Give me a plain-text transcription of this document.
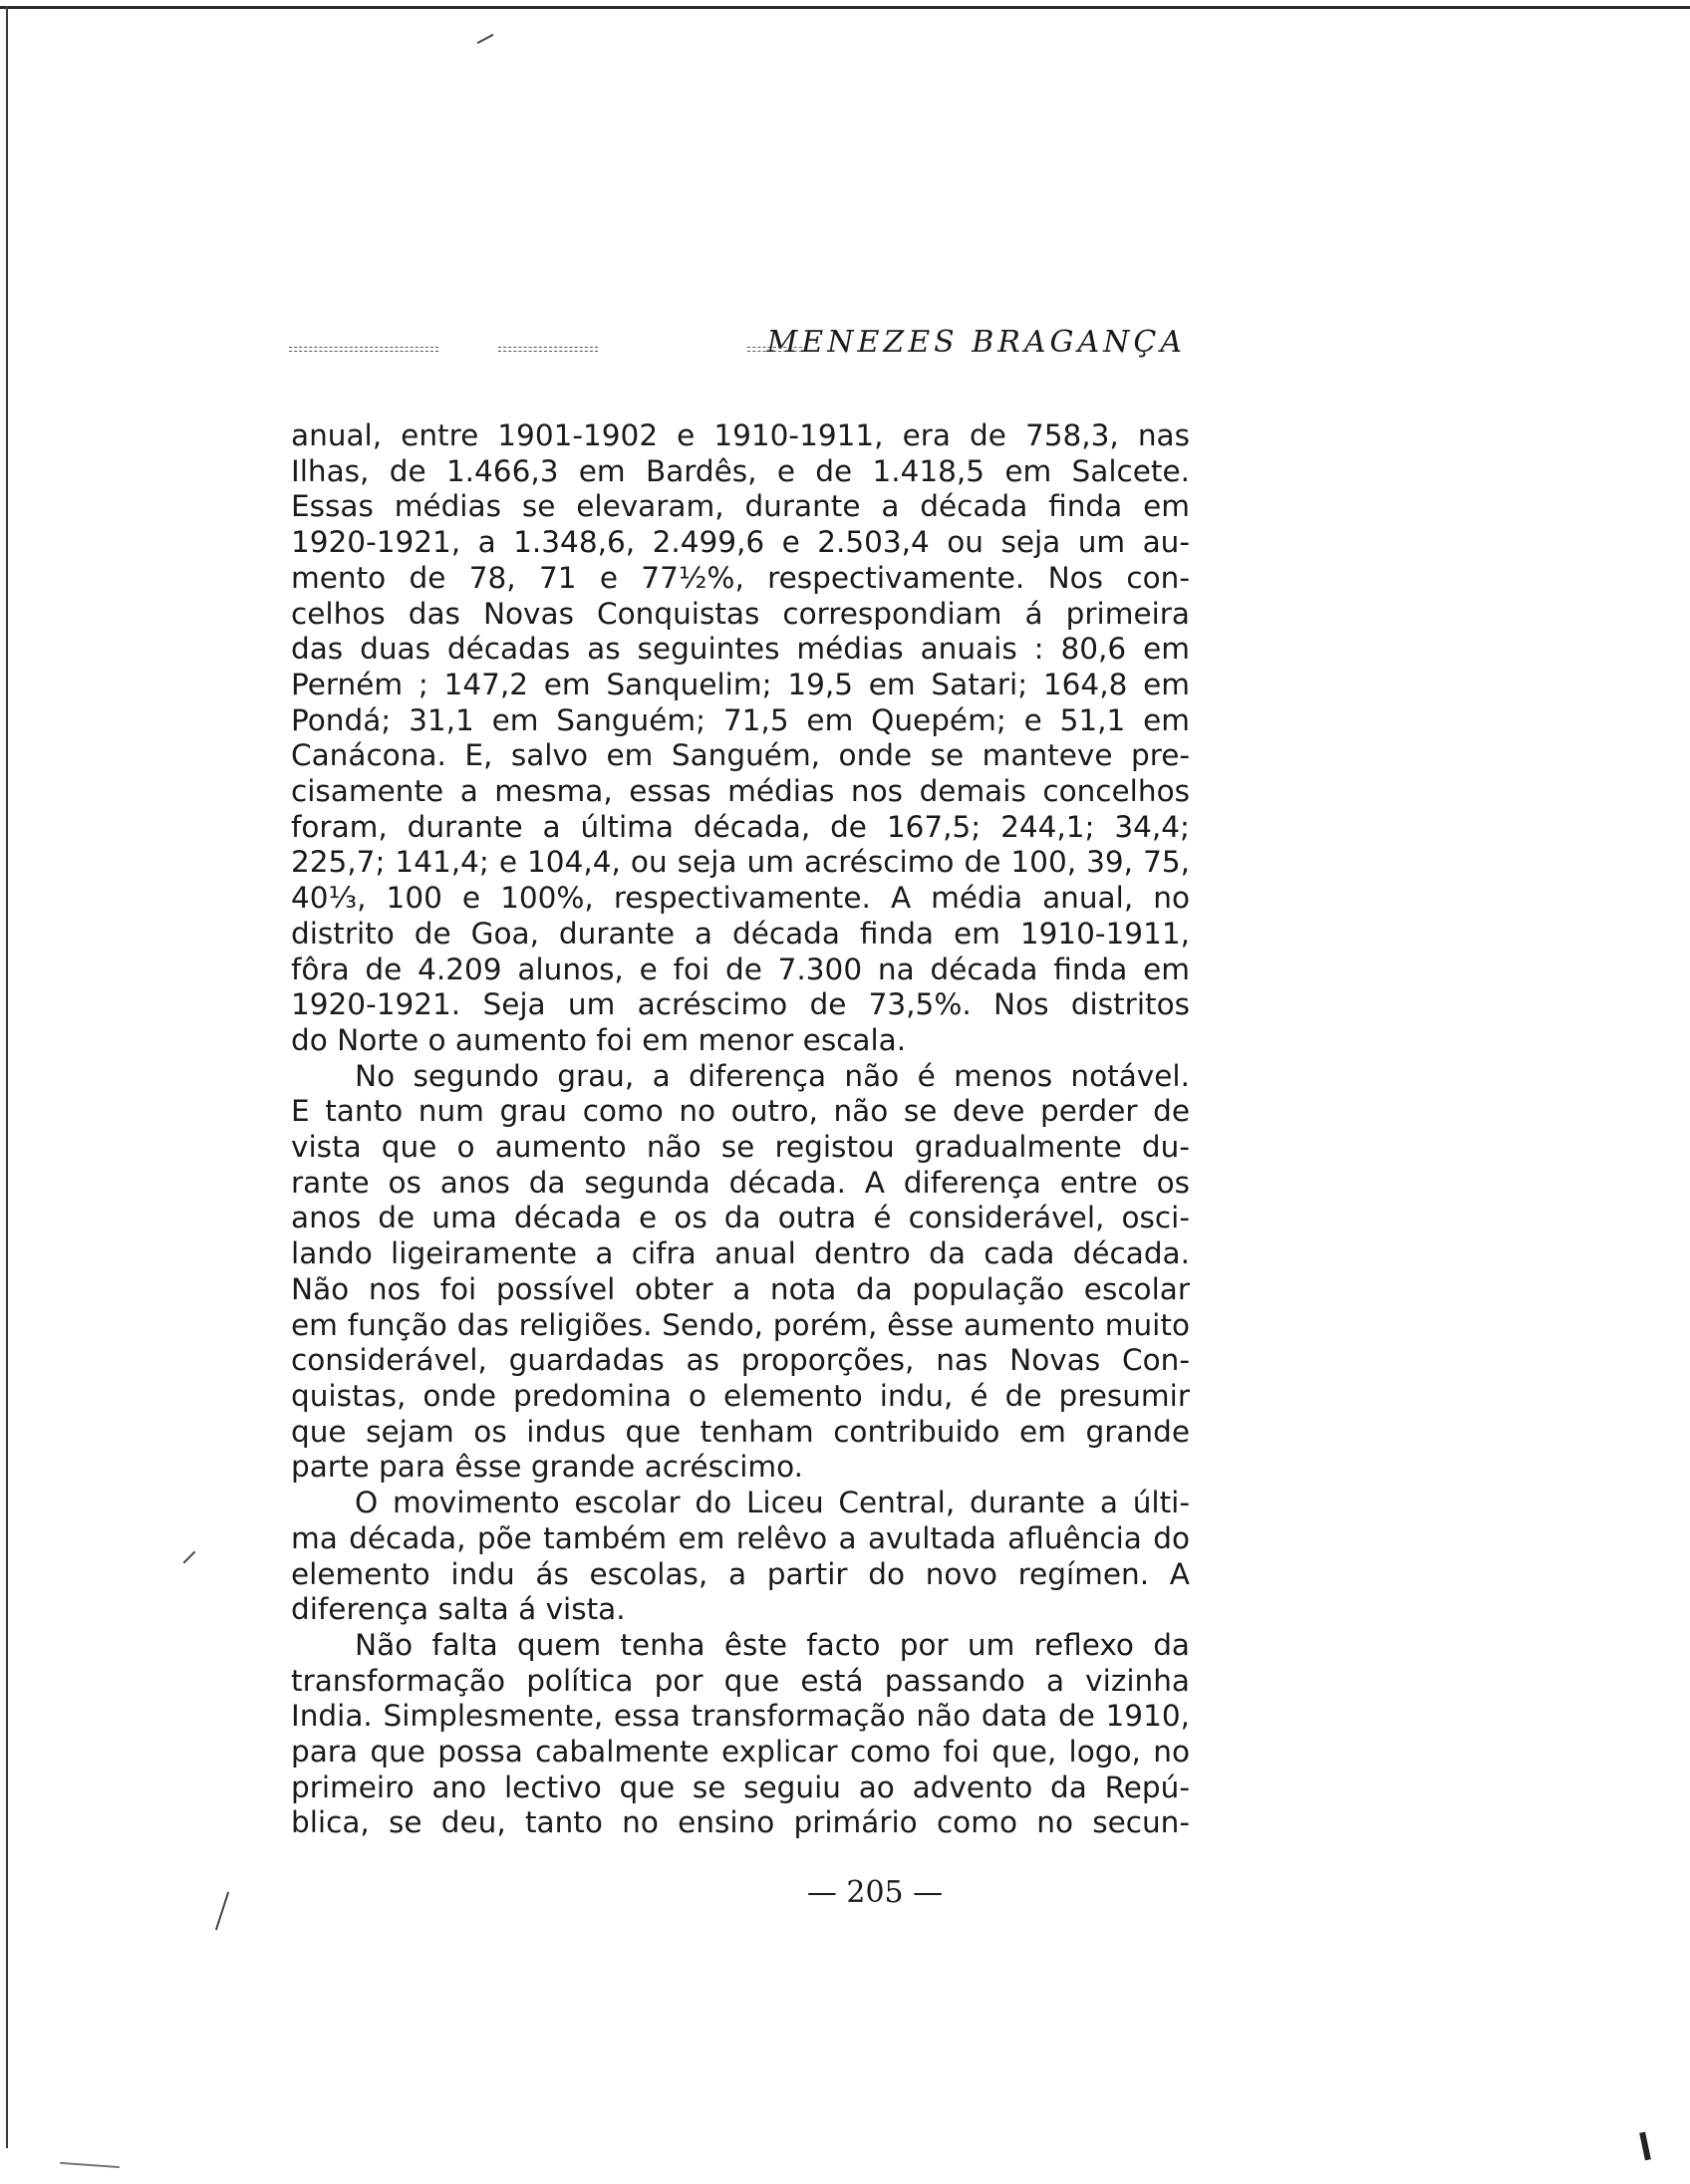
MENEZES BRAGANÇA
anual, entre 1901-1902 e 1910-1911, era de 758,3, nas
Ilhas, de 1.466,3 em Bardês, e de 1.418,5 em Salcete.
Essas médias se elevaram, durante a década finda em
1920-1921, a 1.348,6, 2.499,6 e 2.503,4 ou seja um au-
mento de 78, 71 e 77½%, respectivamente. Nos con-
celhos das Novas Conquistas correspondiam á primeira
das duas décadas as seguintes médias anuais : 80,6 em
Perném ; 147,2 em Sanquelim; 19,5 em Satari; 164,8 em
Pondá; 31,1 em Sanguém; 71,5 em Quepém; e 51,1 em
Canácona. E, salvo em Sanguém, onde se manteve pre-
cisamente a mesma, essas médias nos demais concelhos
foram, durante a última década, de 167,5; 244,1; 34,4;
225,7; 141,4; e 104,4, ou seja um acréscimo de 100, 39, 75,
40⅓, 100 e 100%, respectivamente. A média anual, no
distrito de Goa, durante a década finda em 1910-1911,
fôra de 4.209 alunos, e foi de 7.300 na década finda em
1920-1921. Seja um acréscimo de 73,5%. Nos distritos
do Norte o aumento foi em menor escala.
No segundo grau, a diferença não é menos notável.
E tanto num grau como no outro, não se deve perder de
vista que o aumento não se registou gradualmente du-
rante os anos da segunda década. A diferença entre os
anos de uma década e os da outra é considerável, osci-
lando ligeiramente a cifra anual dentro da cada década.
Não nos foi possível obter a nota da população escolar
em função das religiões. Sendo, porém, êsse aumento muito
considerável, guardadas as proporções, nas Novas Con-
quistas, onde predomina o elemento indu, é de presumir
que sejam os indus que tenham contribuido em grande
parte para êsse grande acréscimo.
O movimento escolar do Liceu Central, durante a últi-
ma década, põe também em relêvo a avultada afluência do
elemento indu ás escolas, a partir do novo regímen. A
diferença salta á vista.
Não falta quem tenha êste facto por um reflexo da
transformação política por que está passando a vizinha
India. Simplesmente, essa transformação não data de 1910,
para que possa cabalmente explicar como foi que, logo, no
primeiro ano lectivo que se seguiu ao advento da Repú-
blica, se deu, tanto no ensino primário como no secun-
— 205 —
